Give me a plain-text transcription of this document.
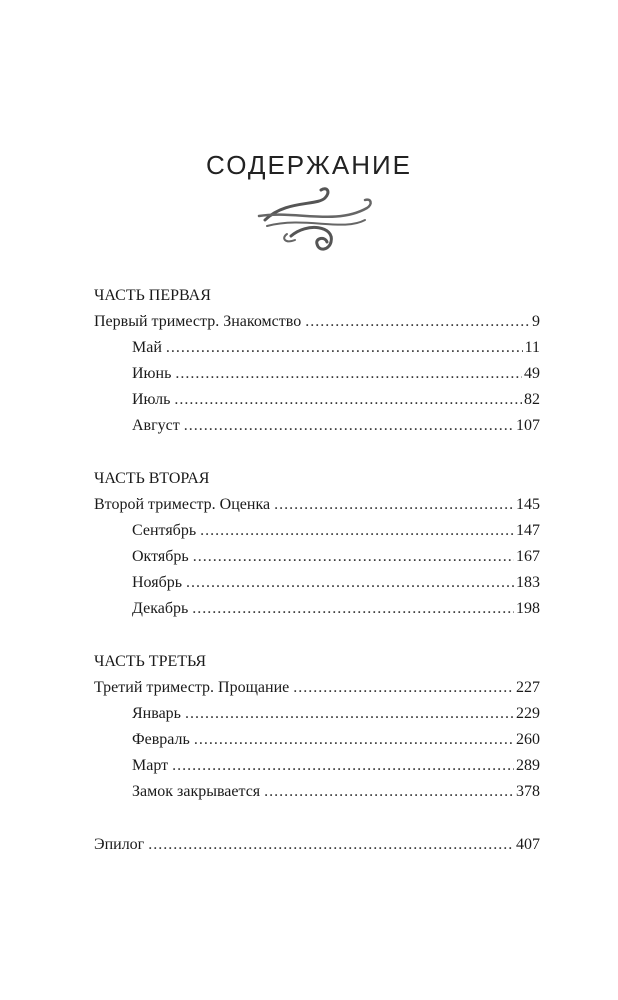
СОДЕРЖАНИЕ
ЧАСТЬ ПЕРВАЯ
Первый триместр. Знакомство .....	9
Май .....	11
Июнь .....	49
Июль .....	82
Август .....	107
ЧАСТЬ ВТОРАЯ
Второй триместр. Оценка .....	145
Сентябрь .....	147
Октябрь .....	167
Ноябрь .....	183
Декабрь .....	198
ЧАСТЬ ТРЕТЬЯ
Третий триместр. Прощание .....	227
Январь .....	229
Февраль .....	260
Март .....	289
Замок закрывается .....	378
Эпилог .....	407
